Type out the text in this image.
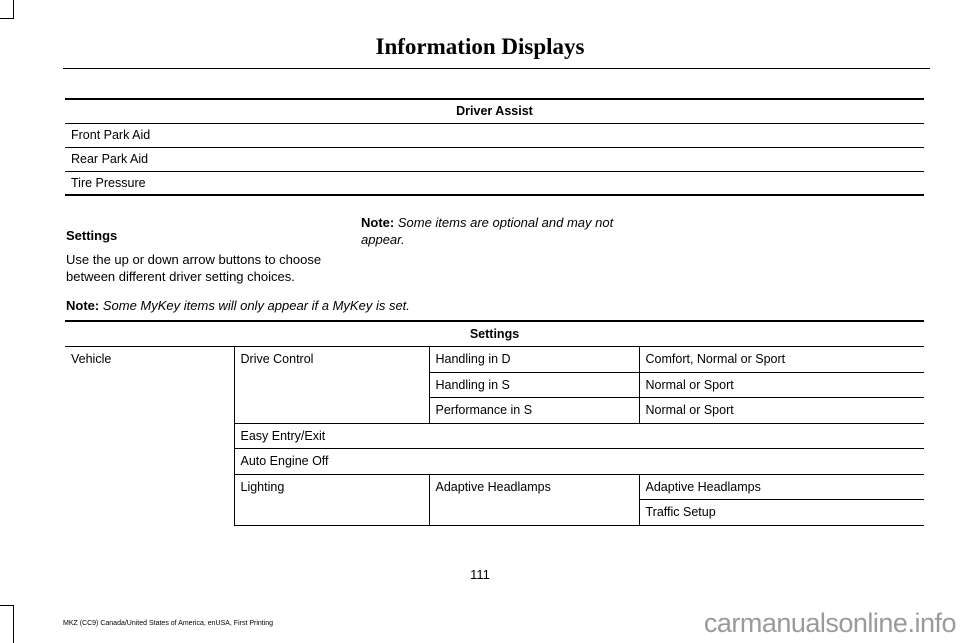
Information Displays
Driver Assist
Front Park Aid
Rear Park Aid
Tire Pressure
Settings
Use the up or down arrow buttons to choose
between different driver setting choices.
Note: Some items are optional and may not
appear.
Note: Some MyKey items will only appear if a MyKey is set.
Settings			
Vehicle	Drive Control	Handling in D	Comfort, Normal or Sport
		Handling in S	Normal or Sport
		Performance in S	Normal or Sport
	Easy Entry/Exit		
	Auto Engine Off		
	Lighting	Adaptive Headlamps	Adaptive Headlamps
			Traffic Setup
111
MKZ (CC9) Canada/United States of America, enUSA, First Printing	carmanualsonline.info
